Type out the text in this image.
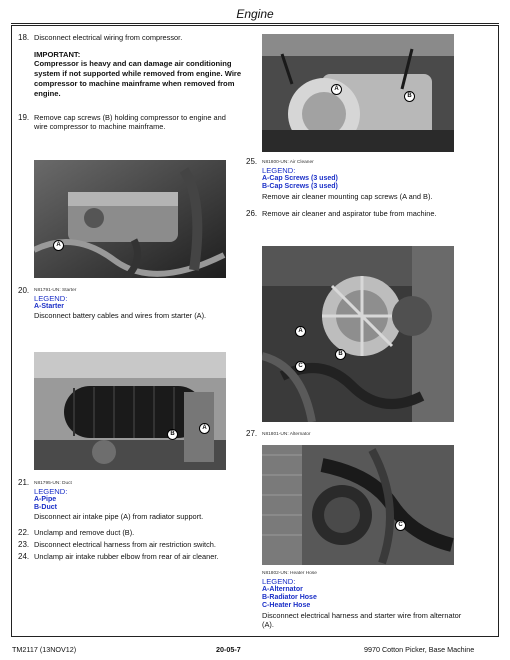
Engine
18. Disconnect electrical wiring from compressor.
IMPORTANT:
Compressor is heavy and can damage air conditioning
system if not supported while removed from engine. Wire
compressor to machine mainframe when removed from
engine.
19. Remove cap screws (B) holding compressor to engine and
wire compressor to machine mainframe.
A
20. N81791-UN: Starter
LEGEND:
A-Starter
Disconnect battery cables and wires from starter (A).
B
A
21. N81795-UN: Duct
LEGEND:
A-Pipe
B-Duct
Disconnect air intake pipe (A) from radiator support.
22. Unclamp and remove duct (B).
23. Disconnect electrical harness from air restriction switch.
24. Unclamp air intake rubber elbow from rear of air cleaner.
A
B
25. N81800-UN: Air Cleaner
LEGEND:
A-Cap Screws (3 used)
B-Cap Screws (3 used)
Remove air cleaner mounting cap screws (A and B).
26. Remove air cleaner and aspirator tube from machine.
A
B
C
27. N81801-UN: Alternator
C
N81802-UN: Heater Hose
LEGEND:
A-Alternator
B-Radiator Hose
C-Heater Hose
Disconnect electrical harness and starter wire from alternator
(A).
TM2117 (13NOV12)	20-05-7	9970 Cotton Picker, Base Machine
